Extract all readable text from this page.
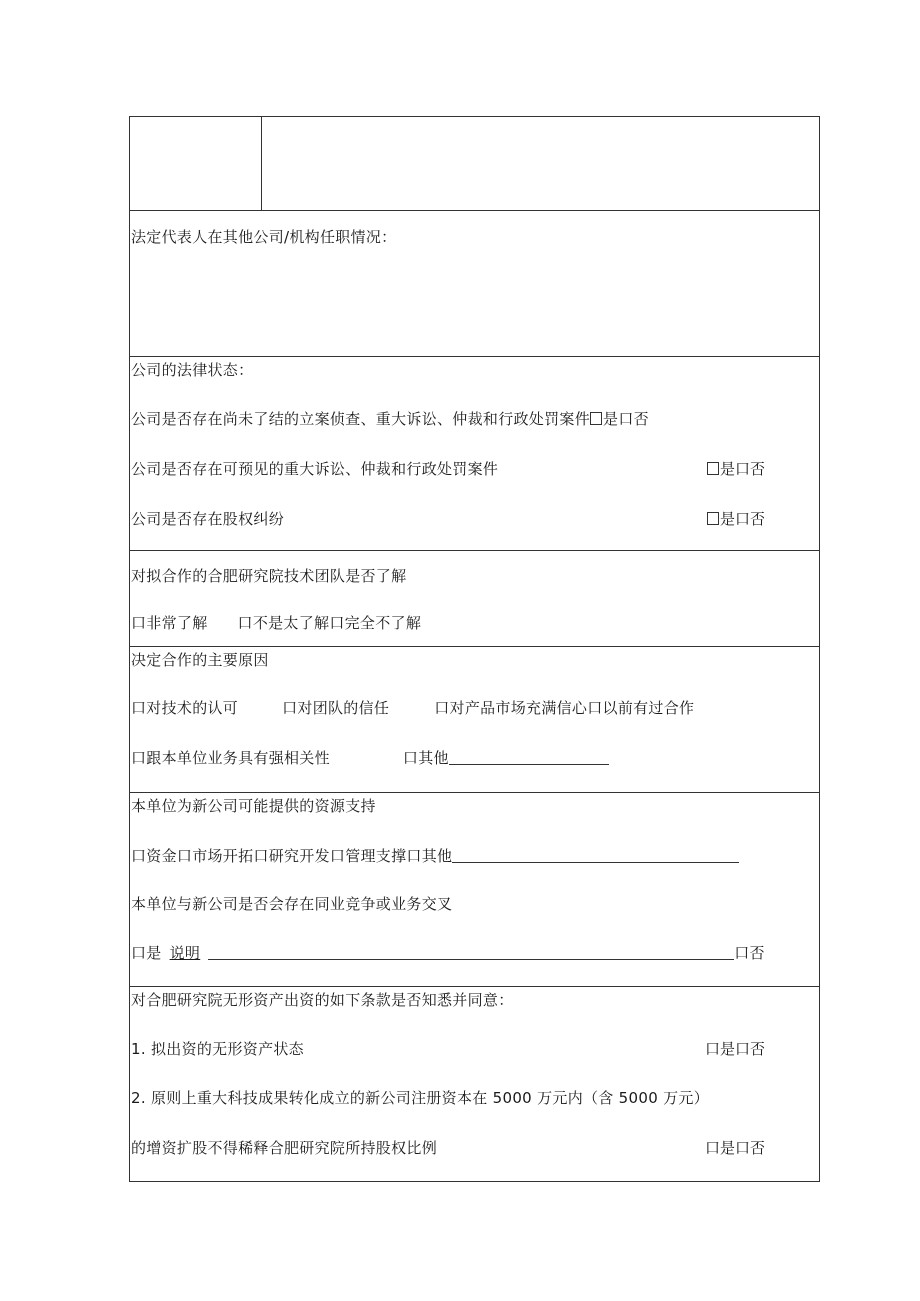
法定代表人在其他公司/机构任职情况：
公司的法律状态：
公司是否存在尚未了结的立案侦查、重大诉讼、仲裁和行政处罚案件 是口否
公司是否存在可预见的重大诉讼、仲裁和行政处罚案件	是口否
公司是否存在股权纠纷	是口否
对拟合作的合肥研究院技术团队是否了解
口非常了解 口不是太了解口完全不了解
决定合作的主要原因
口对技术的认可	口对团队的信任	口对产品市场充满信心口以前有过合作
口跟本单位业务具有强相关性	口其他
本单位为新公司可能提供的资源支持
口资金口市场开拓口研究开发口管理支撑口其他
本单位与新公司是否会存在同业竞争或业务交叉
口是 说明	口否
对合肥研究院无形资产出资的如下条款是否知悉并同意：
1. 拟出资的无形资产状态	口是口否
2. 原则上重大科技成果转化成立的新公司注册资本在 5000 万元内（含 5000 万元）
的增资扩股不得稀释合肥研究院所持股权比例	口是口否
